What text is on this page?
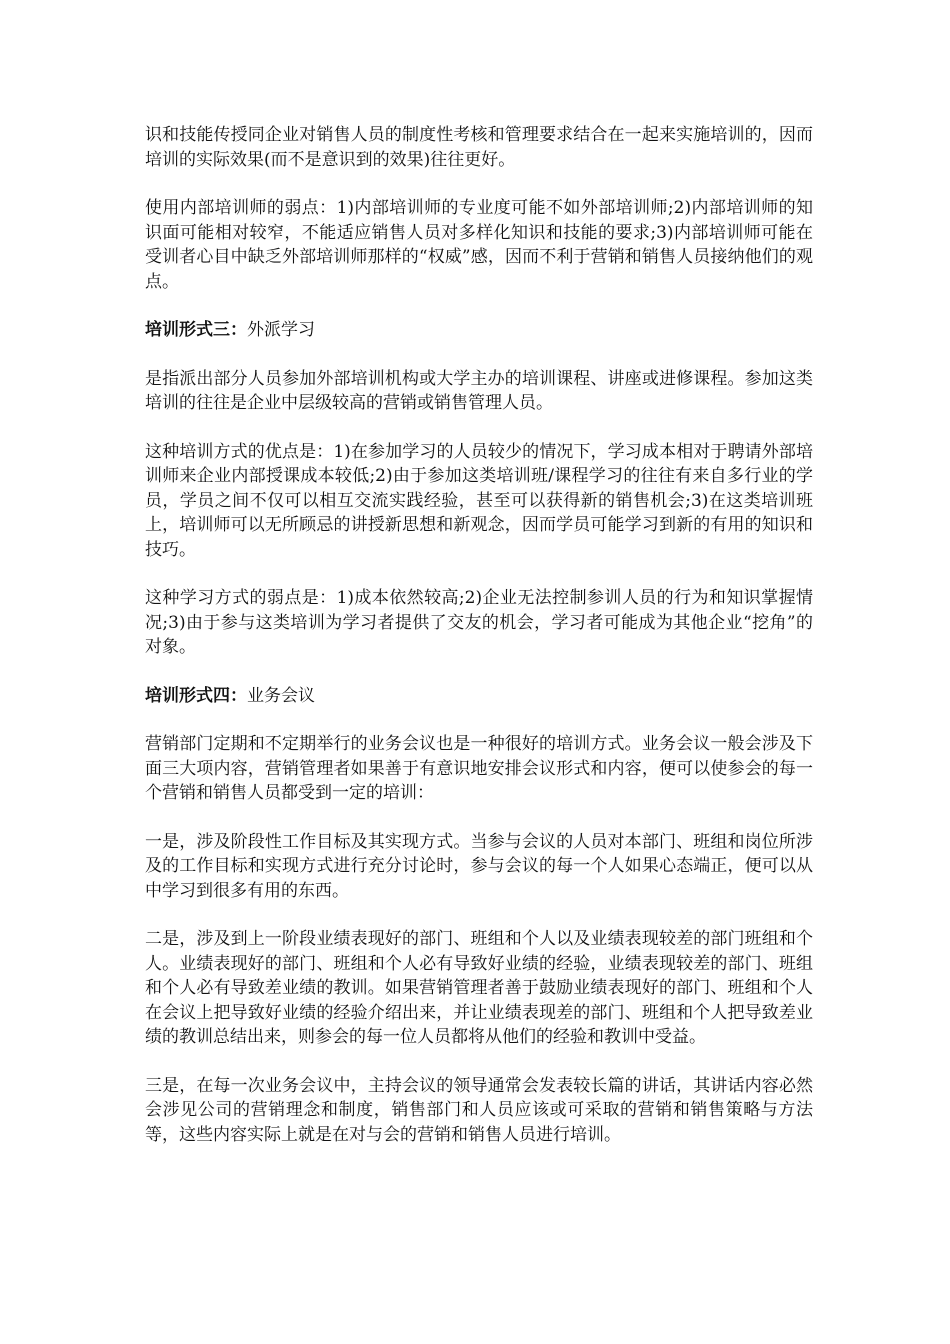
识和技能传授同企业对销售人员的制度性考核和管理要求结合在一起来实施培训的，因而培训的实际效果(而不是意识到的效果)往往更好。

使用内部培训师的弱点：1)内部培训师的专业度可能不如外部培训师;2)内部培训师的知识面可能相对较窄，不能适应销售人员对多样化知识和技能的要求;3)内部培训师可能在受训者心目中缺乏外部培训师那样的“权威”感，因而不利于营销和销售人员接纳他们的观点。

培训形式三：外派学习

是指派出部分人员参加外部培训机构或大学主办的培训课程、讲座或进修课程。参加这类培训的往往是企业中层级较高的营销或销售管理人员。

这种培训方式的优点是：1)在参加学习的人员较少的情况下，学习成本相对于聘请外部培训师来企业内部授课成本较低;2)由于参加这类培训班/课程学习的往往有来自多行业的学员，学员之间不仅可以相互交流实践经验，甚至可以获得新的销售机会;3)在这类培训班上，培训师可以无所顾忌的讲授新思想和新观念，因而学员可能学习到新的有用的知识和技巧。

这种学习方式的弱点是：1)成本依然较高;2)企业无法控制参训人员的行为和知识掌握情况;3)由于参与这类培训为学习者提供了交友的机会，学习者可能成为其他企业“挖角”的对象。

培训形式四：业务会议

营销部门定期和不定期举行的业务会议也是一种很好的培训方式。业务会议一般会涉及下面三大项内容，营销管理者如果善于有意识地安排会议形式和内容，便可以使参会的每一个营销和销售人员都受到一定的培训：

一是，涉及阶段性工作目标及其实现方式。当参与会议的人员对本部门、班组和岗位所涉及的工作目标和实现方式进行充分讨论时，参与会议的每一个人如果心态端正，便可以从中学习到很多有用的东西。

二是，涉及到上一阶段业绩表现好的部门、班组和个人以及业绩表现较差的部门班组和个人。业绩表现好的部门、班组和个人必有导致好业绩的经验，业绩表现较差的部门、班组和个人必有导致差业绩的教训。如果营销管理者善于鼓励业绩表现好的部门、班组和个人在会议上把导致好业绩的经验介绍出来，并让业绩表现差的部门、班组和个人把导致差业绩的教训总结出来，则参会的每一位人员都将从他们的经验和教训中受益。

三是，在每一次业务会议中，主持会议的领导通常会发表较长篇的讲话，其讲话内容必然会涉见公司的营销理念和制度，销售部门和人员应该或可采取的营销和销售策略与方法等，这些内容实际上就是在对与会的营销和销售人员进行培训。
